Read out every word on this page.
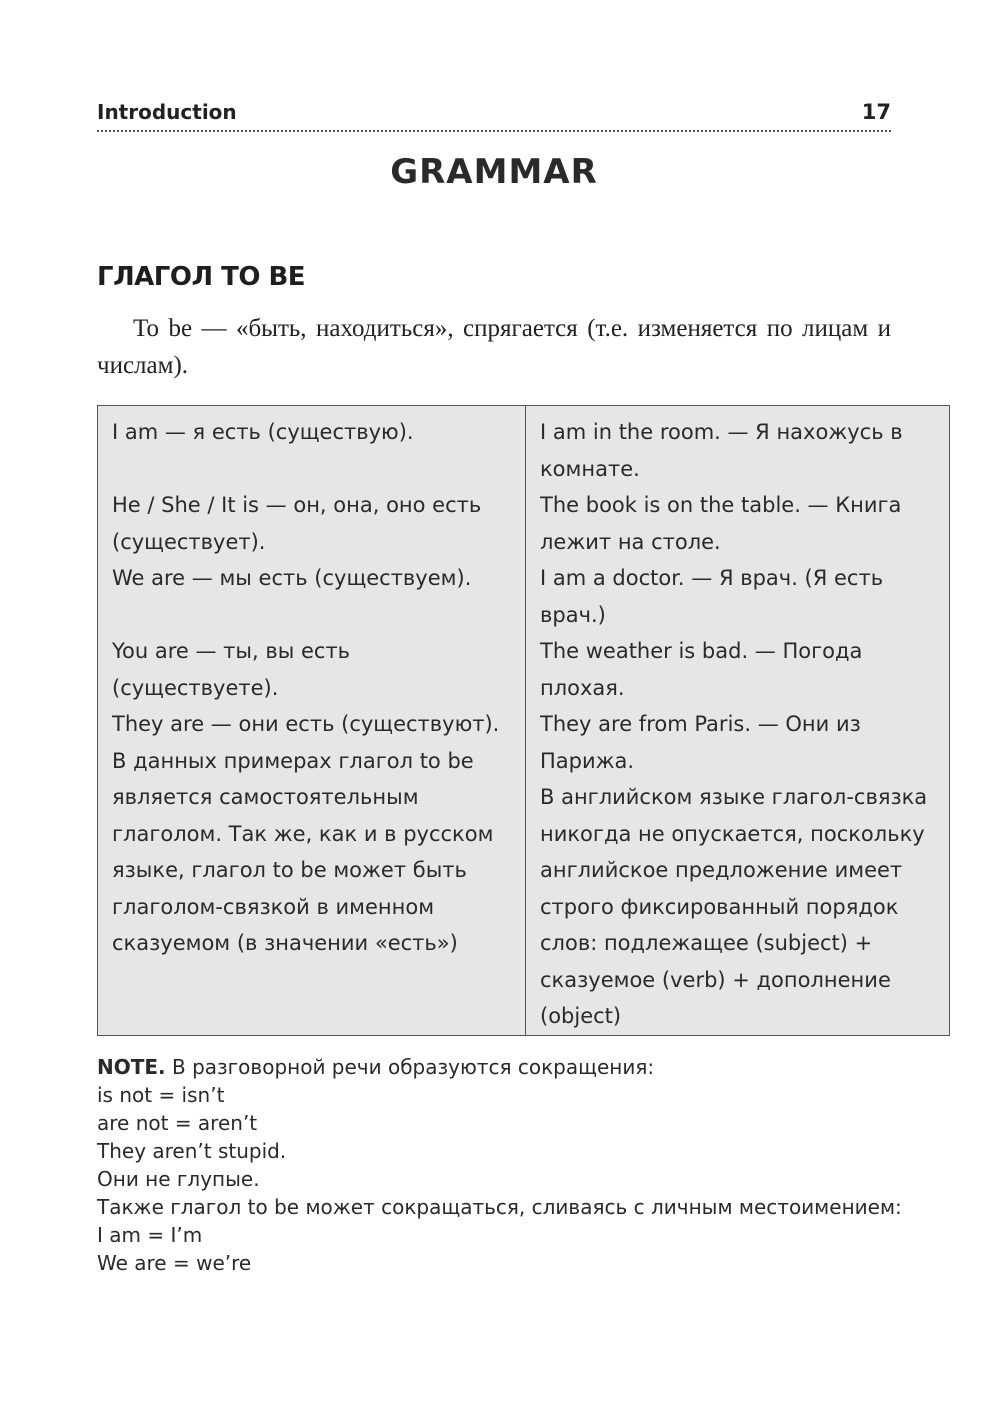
Introduction	17
GRAMMAR
ГЛАГОЛ TO BE

To be — «быть, находиться», спрягается (т.е. изменяется по лицам и числам).

I am — я есть (существую).
He / She / It is — он, она, оно есть (существует).
We are — мы есть (существуем).
You are — ты, вы есть (существуете).
They are — они есть (существуют).
В данных примерах глагол to be является самостоятельным глаголом. Так же, как и в русском языке, глагол to be может быть глаголом-связкой в именном сказуемом (в значении «есть»)

I am in the room. — Я нахожусь в комнате.
The book is on the table. — Книга лежит на столе.
I am a doctor. — Я врач. (Я есть врач.)
The weather is bad. — Погода плохая.
They are from Paris. — Они из Парижа.
В английском языке глагол-связка никогда не опускается, поскольку английское предложение имеет строго фиксированный порядок слов: подлежащее (subject) + сказуемое (verb) + дополнение (object)
NOTE. В разговорной речи образуются сокращения:
is not = isn’t
are not = aren’t
They aren’t stupid.
Они не глупые.
Также глагол to be может сокращаться, сливаясь с личным местоимением:
I am = I’m
We are = we’re
